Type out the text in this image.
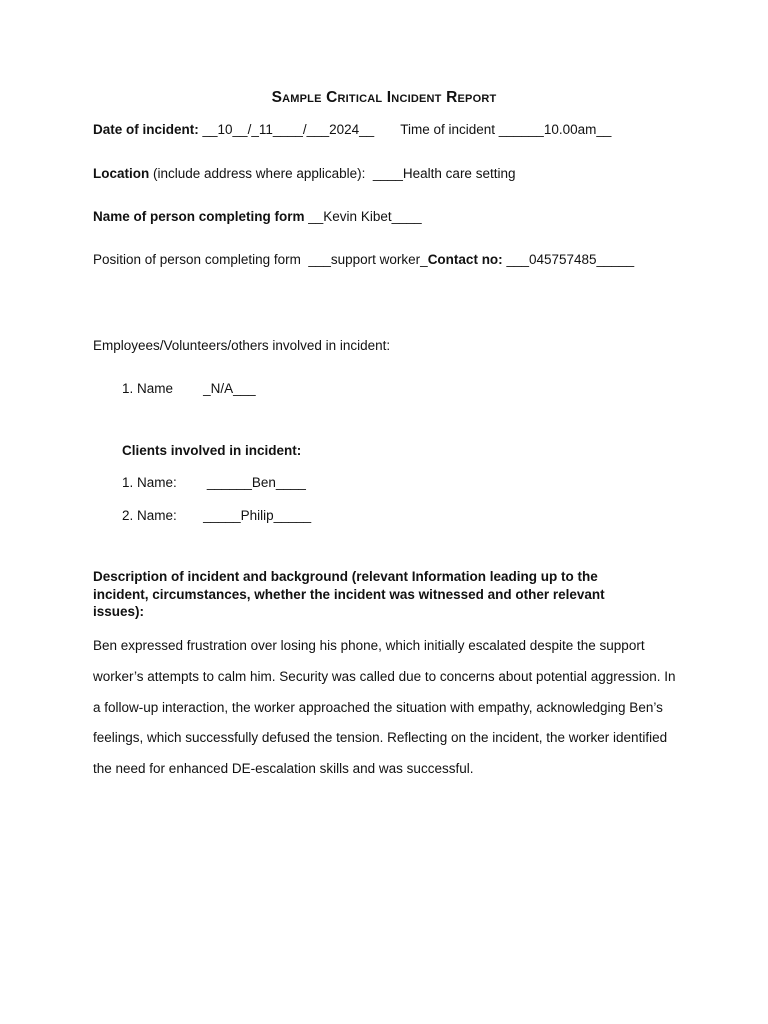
Sample Critical Incident Report
Date of incident: __10__/_11____/___2024__ Time of incident ______10.00am__
Location (include address where applicable):  ____Health care setting
Name of person completing form __Kevin Kibet____
Position of person completing form  ___support worker_Contact no: ___045757485_____
Employees/Volunteers/others involved in incident:
1. Name _N/A___
Clients involved in incident:
1. Name: ______Ben____
2. Name: _____Philip_____
Description of incident and background (relevant Information leading up to the incident, circumstances, whether the incident was witnessed and other relevant issues):
Ben expressed frustration over losing his phone, which initially escalated despite the support worker’s attempts to calm him. Security was called due to concerns about potential aggression. In a follow-up interaction, the worker approached the situation with empathy, acknowledging Ben’s feelings, which successfully defused the tension. Reflecting on the incident, the worker identified the need for enhanced DE-escalation skills and was successful.
